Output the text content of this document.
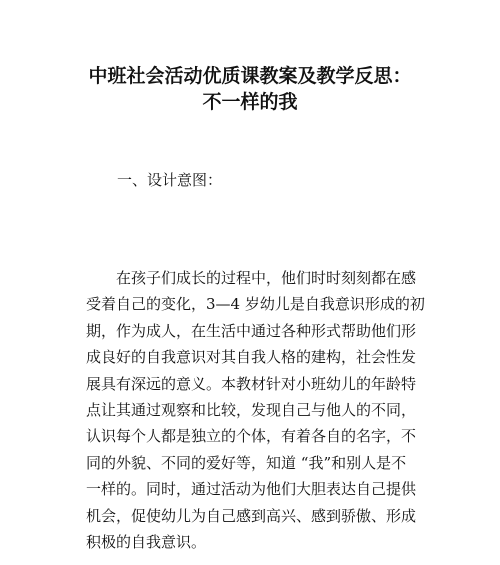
中班社会活动优质课教案及教学反思：
不一样的我

一、设计意图：

　　在孩子们成长的过程中，他们时时刻刻都在感
受着自己的变化，3—4 岁幼儿是自我意识形成的初
期，作为成人，在生活中通过各种形式帮助他们形
成良好的自我意识对其自我人格的建构，社会性发
展具有深远的意义。本教材针对小班幼儿的年龄特
点让其通过观察和比较，发现自己与他人的不同，
认识每个人都是独立的个体，有着各自的名字，不
同的外貌、不同的爱好等，知道 “我”和别人是不
一样的。同时，通过活动为他们大胆表达自己提供
机会，促使幼儿为自己感到高兴、感到骄傲、形成
积极的自我意识。
